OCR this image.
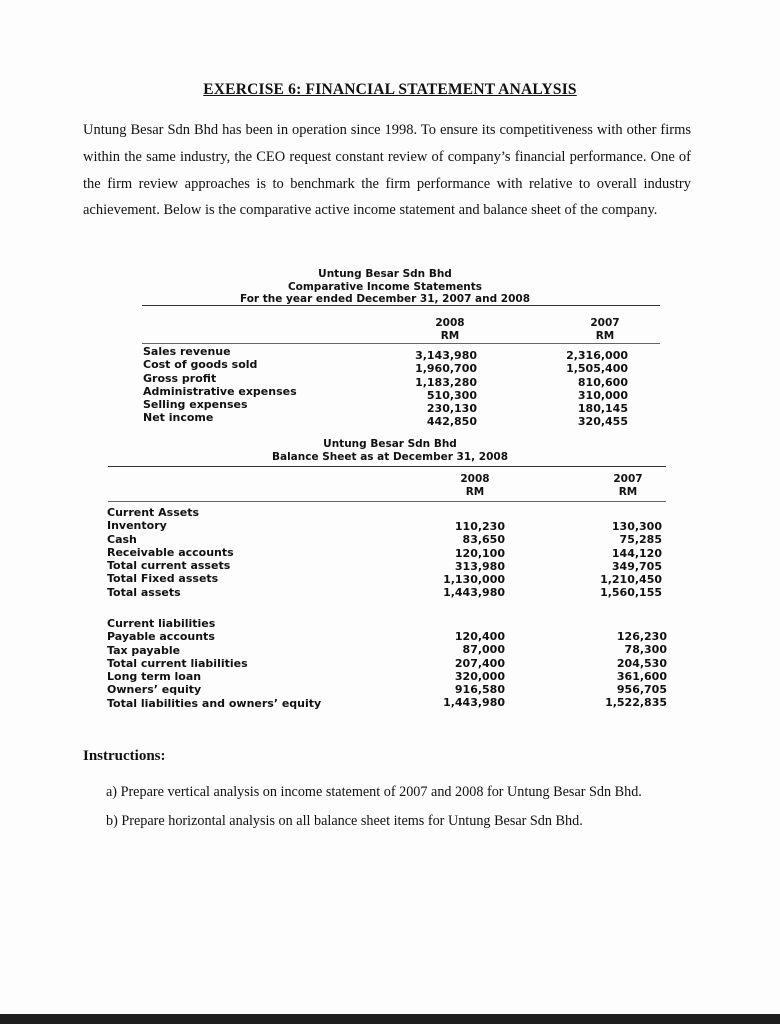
EXERCISE 6: FINANCIAL STATEMENT ANALYSIS
Untung Besar Sdn Bhd has been in operation since 1998. To ensure its competitiveness with other firms within the same industry, the CEO request constant review of company’s financial performance. One of the firm review approaches is to benchmark the firm performance with relative to overall industry achievement. Below is the comparative active income statement and balance sheet of the company.
Untung Besar Sdn Bhd
Comparative Income Statements
For the year ended December 31, 2007 and 2008
2008
RM
2007
RM
Sales revenue
Cost of goods sold
Gross profit
Administrative expenses
Selling expenses
Net income
3,143,980
1,960,700
1,183,280
510,300
230,130
442,850
2,316,000
1,505,400
810,600
310,000
180,145
320,455
Untung Besar Sdn Bhd
Balance Sheet as at December 31, 2008
2008
RM
2007
RM
Current Assets
Inventory
Cash
Receivable accounts
Total current assets
Total Fixed assets
Total assets
110,230
83,650
120,100
313,980
1,130,000
1,443,980
130,300
75,285
144,120
349,705
1,210,450
1,560,155
Current liabilities
Payable accounts
Tax payable
Total current liabilities
Long term loan
Owners’ equity
Total liabilities and owners’ equity
120,400
87,000
207,400
320,000
916,580
1,443,980
126,230
78,300
204,530
361,600
956,705
1,522,835
Instructions:
a) Prepare vertical analysis on income statement of 2007 and 2008 for Untung Besar Sdn Bhd.
b) Prepare horizontal analysis on all balance sheet items for Untung Besar Sdn Bhd.
